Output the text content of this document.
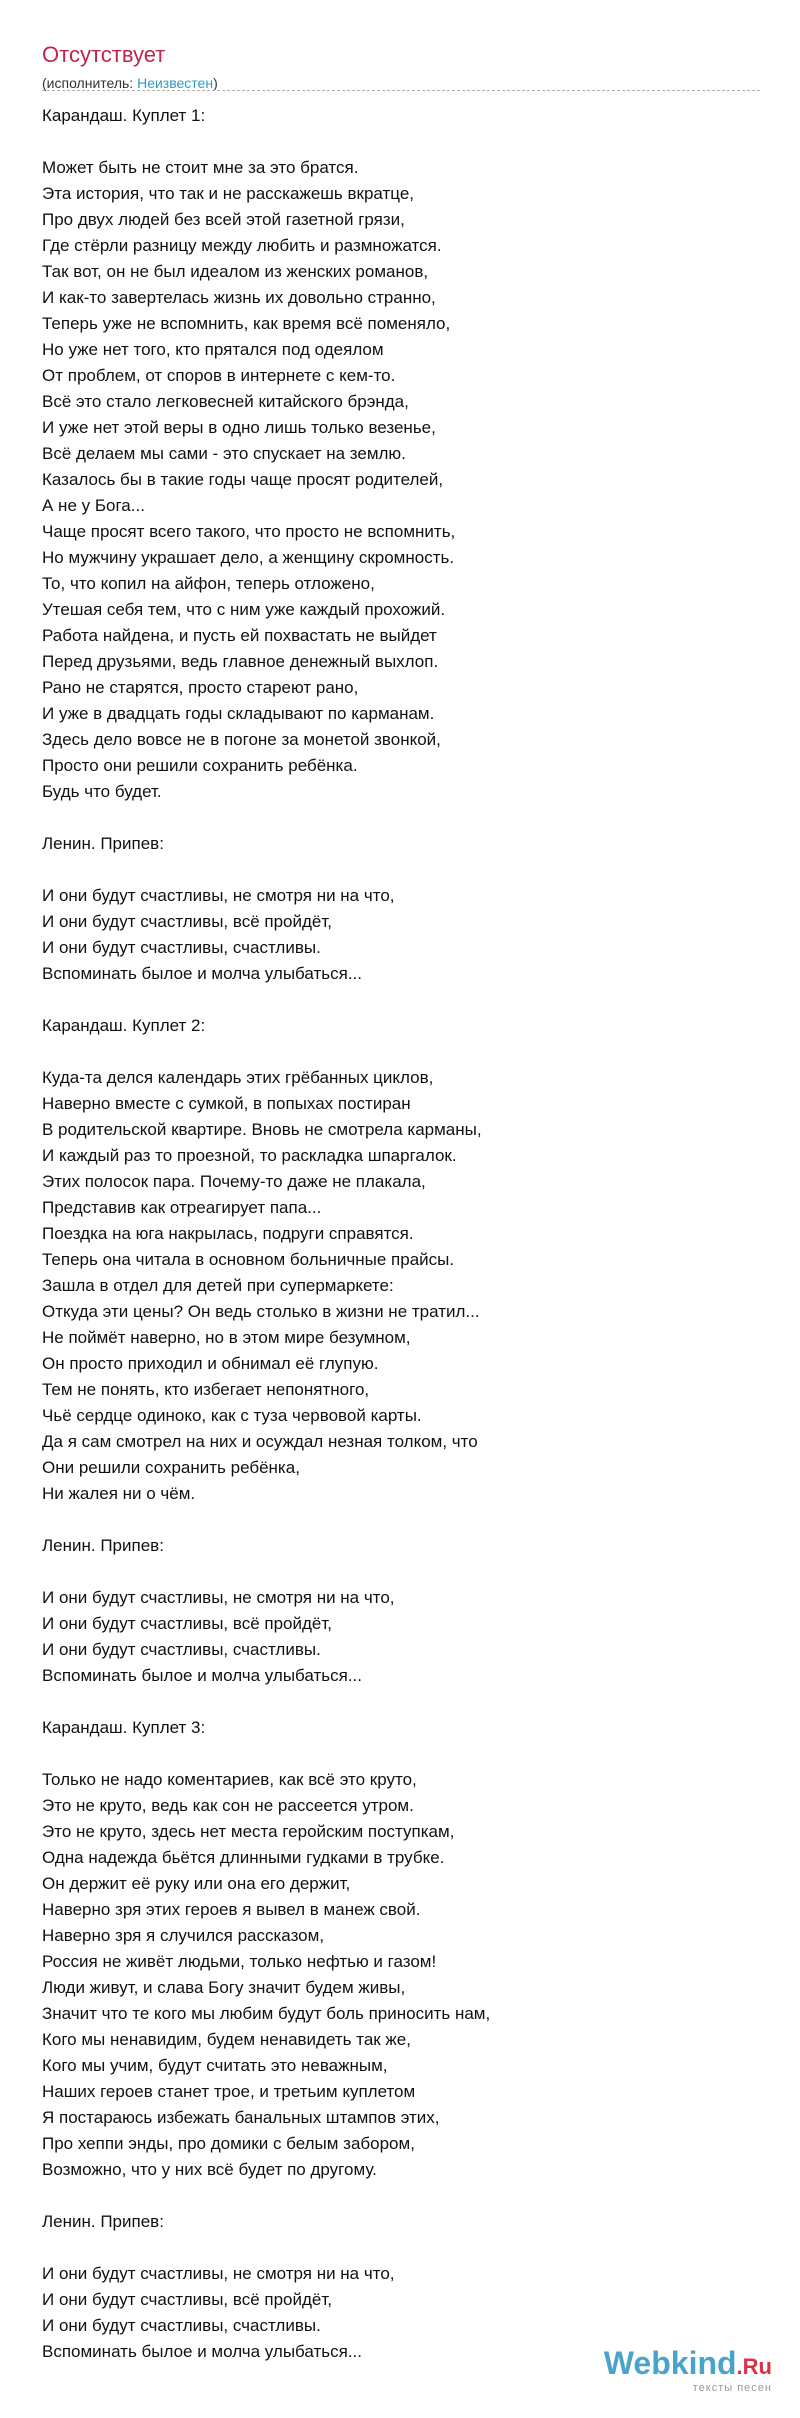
Отсутствует
(исполнитель: Неизвестен)
Карандаш. Куплет 1:
Может быть не стоит мне за это братся.
Эта история, что так и не расскажешь вкратце,
Про двух людей без всей этой газетной грязи,
Где стёрли разницу между любить и размножатся.
Так вот, он не был идеалом из женских романов,
И как-то завертелась жизнь их довольно странно,
Теперь уже не вспомнить, как время всё поменяло,
Но уже нет того, кто прятался под одеялом
От проблем, от споров в интернете с кем-то.
Всё это стало легковесней китайского брэнда,
И уже нет этой веры в одно лишь только везенье,
Всё делаем мы сами - это спускает на землю.
Казалось бы в такие годы чаще просят родителей,
А не у Бога...
Чаще просят всего такого, что просто не вспомнить,
Но мужчину украшает дело, а женщину скромность.
То, что копил на айфон, теперь отложено,
Утешая себя тем, что с ним уже каждый прохожий.
Работа найдена, и пусть ей похвастать не выйдет
Перед друзьями, ведь главное денежный выхлоп.
Рано не старятся, просто стареют рано,
И уже в двадцать годы складывают по карманам.
Здесь дело вовсе не в погоне за монетой звонкой,
Просто они решили сохранить ребёнка.
Будь что будет.
Ленин. Припев:
И они будут счастливы, не смотря ни на что,
И они будут счастливы, всё пройдёт,
И они будут счастливы, счастливы.
Вспоминать былое и молча улыбаться...
Карандаш. Куплет 2:
Куда-та делся календарь этих грёбанных циклов,
Наверно вместе с сумкой, в попыхах постиран
В родительской квартире. Вновь не смотрела карманы,
И каждый раз то проезной, то раскладка шпаргалок.
Этих полосок пара. Почему-то даже не плакала,
Представив как отреагирует папа...
Поездка на юга накрылась, подруги справятся.
Теперь она читала в основном больничные прайсы.
Зашла в отдел для детей при супермаркете:
Откуда эти цены? Он ведь столько в жизни не тратил...
Не поймёт наверно, но в этом мире безумном,
Он просто приходил и обнимал её глупую.
Тем не понять, кто избегает непонятного,
Чьё сердце одиноко, как с туза червовой карты.
Да я сам смотрел на них и осуждал незная толком, что
Они решили сохранить ребёнка,
Ни жалея ни о чём.
Ленин. Припев:
И они будут счастливы, не смотря ни на что,
И они будут счастливы, всё пройдёт,
И они будут счастливы, счастливы.
Вспоминать былое и молча улыбаться...
Карандаш. Куплет 3:
Только не надо коментариев, как всё это круто,
Это не круто, ведь как сон не рассеется утром.
Это не круто, здесь нет места геройским поступкам,
Одна надежда бьётся длинными гудками в трубке.
Он держит её руку или она его держит,
Наверно зря этих героев я вывел в манеж свой.
Наверно зря я случился рассказом,
Россия не живёт людьми, только нефтью и газом!
Люди живут, и слава Богу значит будем живы,
Значит что те кого мы любим будут боль приносить нам,
Кого мы ненавидим, будем ненавидеть так же,
Кого мы учим, будут считать это неважным,
Наших героев станет трое, и третьим куплетом
Я постараюсь избежать банальных штампов этих,
Про хеппи энды, про домики с белым забором,
Возможно, что у них всё будет по другому.
Ленин. Припев:
И они будут счастливы, не смотря ни на что,
И они будут счастливы, всё пройдёт,
И они будут счастливы, счастливы.
Вспоминать былое и молча улыбаться...	Webkind.Ru
тексты песен
